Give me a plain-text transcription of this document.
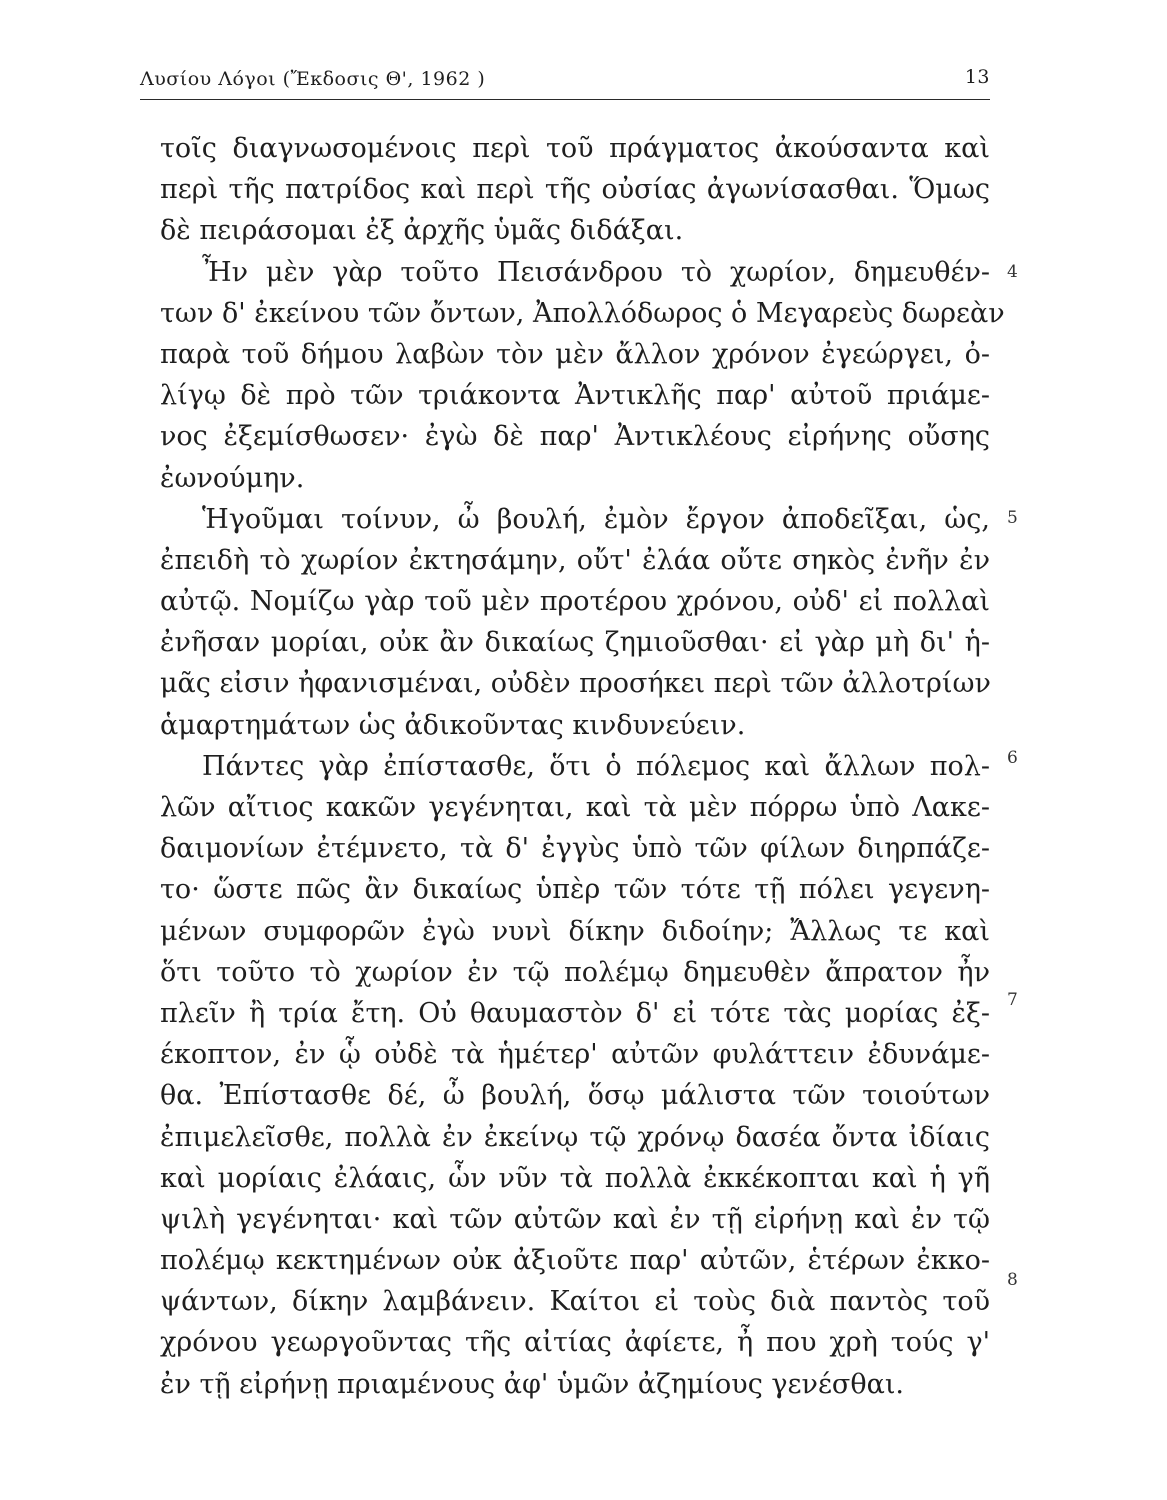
Λυσίου Λόγοι (Ἔκδοσις Θ', 1962 )	13
τοῖς διαγνωσομένοις περὶ τοῦ πράγματος ἀκούσαντα καὶ
περὶ τῆς πατρίδος καὶ περὶ τῆς οὐσίας ἀγωνίσασθαι. Ὅμως
δὲ πειράσομαι ἐξ ἀρχῆς ὑμᾶς διδάξαι.
Ἦν μὲν γὰρ τοῦτο Πεισάνδρου τὸ χωρίον, δημευθέν-
των δ' ἐκείνου τῶν ὄντων, Ἀπολλόδωρος ὁ Μεγαρεὺς δωρεὰν
παρὰ τοῦ δήμου λαβὼν τὸν μὲν ἄλλον χρόνον ἐγεώργει, ὀ-
λίγῳ δὲ πρὸ τῶν τριάκοντα Ἀντικλῆς παρ' αὐτοῦ πριάμε-
νος ἐξεμίσθωσεν· ἐγὼ δὲ παρ' Ἀντικλέους εἰρήνης οὔσης
ἐωνούμην.
Ἡγοῦμαι τοίνυν, ὦ βουλή, ἐμὸν ἔργον ἀποδεῖξαι, ὡς,
ἐπειδὴ τὸ χωρίον ἐκτησάμην, οὔτ' ἐλάα οὔτε σηκὸς ἐνῆν ἐν
αὐτῷ. Νομίζω γὰρ τοῦ μὲν προτέρου χρόνου, οὐδ' εἰ πολλαὶ
ἐνῆσαν μορίαι, οὐκ ἂν δικαίως ζημιοῦσθαι· εἰ γὰρ μὴ δι' ἡ-
μᾶς εἰσιν ἠφανισμέναι, οὐδὲν προσήκει περὶ τῶν ἀλλοτρίων
ἁμαρτημάτων ὡς ἀδικοῦντας κινδυνεύειν.
Πάντες γὰρ ἐπίστασθε, ὅτι ὁ πόλεμος καὶ ἄλλων πολ-
λῶν αἴτιος κακῶν γεγένηται, καὶ τὰ μὲν πόρρω ὑπὸ Λακε-
δαιμονίων ἐτέμνετο, τὰ δ' ἐγγὺς ὑπὸ τῶν φίλων διηρπάζε-
το· ὥστε πῶς ἂν δικαίως ὑπὲρ τῶν τότε τῇ πόλει γεγενη-
μένων συμφορῶν ἐγὼ νυνὶ δίκην διδοίην; Ἄλλως τε καὶ
ὅτι τοῦτο τὸ χωρίον ἐν τῷ πολέμῳ δημευθὲν ἄπρατον ἦν
πλεῖν ἢ τρία ἔτη. Οὐ θαυμαστὸν δ' εἰ τότε τὰς μορίας ἐξ-
έκοπτον, ἐν ᾧ οὐδὲ τὰ ἡμέτερ' αὐτῶν φυλάττειν ἐδυνάμε-
θα. Ἐπίστασθε δέ, ὦ βουλή, ὅσῳ μάλιστα τῶν τοιούτων
ἐπιμελεῖσθε, πολλὰ ἐν ἐκείνῳ τῷ χρόνῳ δασέα ὄντα ἰδίαις
καὶ μορίαις ἐλάαις, ὧν νῦν τὰ πολλὰ ἐκκέκοπται καὶ ἡ γῆ
ψιλὴ γεγένηται· καὶ τῶν αὐτῶν καὶ ἐν τῇ εἰρήνῃ καὶ ἐν τῷ
πολέμῳ κεκτημένων οὐκ ἀξιοῦτε παρ' αὐτῶν, ἑτέρων ἐκκο-
ψάντων, δίκην λαμβάνειν. Καίτοι εἰ τοὺς διὰ παντὸς τοῦ
χρόνου γεωργοῦντας τῆς αἰτίας ἀφίετε, ἦ που χρὴ τούς γ'
ἐν τῇ εἰρήνῃ πριαμένους ἀφ' ὑμῶν ἀζημίους γενέσθαι.
4
5
6
7
8
